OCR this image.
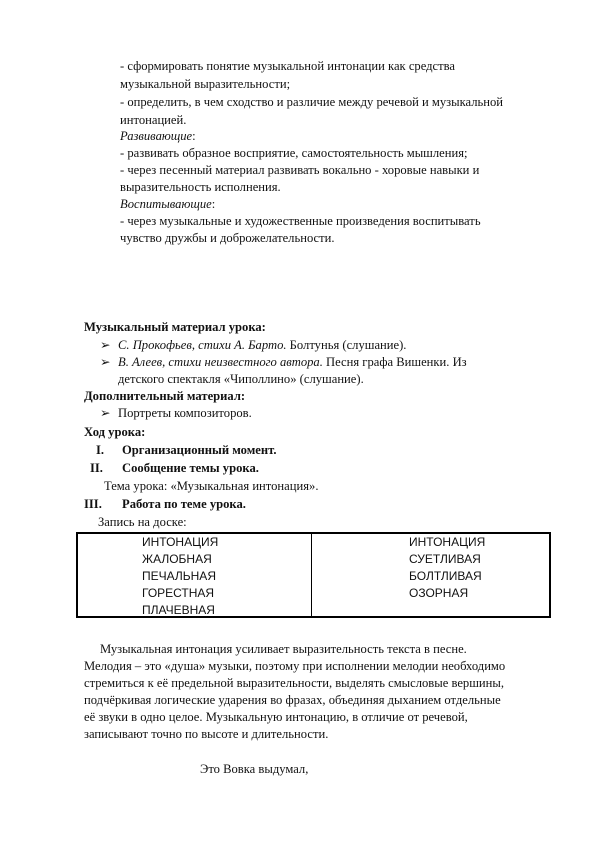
- сформировать понятие музыкальной интонации как средства
музыкальной выразительности;
- определить, в чем сходство и различие между речевой и музыкальной
интонацией.
Развивающие:
- развивать образное восприятие, самостоятельность мышления;
- через песенный материал развивать вокально - хоровые навыки и
выразительность исполнения.
Воспитывающие:
- через музыкальные и художественные произведения воспитывать
чувство дружбы и доброжелательности.
Музыкальный материал урока:
➢ С. Прокофьев, стихи А. Барто. Болтунья (слушание).
➢ В. Алеев, стихи неизвестного автора. Песня графа Вишенки. Из
детского спектакля «Чиполлино» (слушание).
Дополнительный материал:
➢ Портреты композиторов.
Ход урока:
I. Организационный момент.
II. Сообщение темы урока.
Тема урока: «Музыкальная интонация».
III. Работа по теме урока.
Запись на доске:
ИНТОНАЦИЯ
ЖАЛОБНАЯ
ПЕЧАЛЬНАЯ
ГОРЕСТНАЯ
ПЛАЧЕВНАЯ
ИНТОНАЦИЯ
СУЕТЛИВАЯ
БОЛТЛИВАЯ
ОЗОРНАЯ
Музыкальная интонация усиливает выразительность текста в песне.
Мелодия – это «душа» музыки, поэтому при исполнении мелодии необходимо
стремиться к её предельной выразительности, выделять смысловые вершины,
подчёркивая логические ударения во фразах, объединяя дыханием отдельные
её звуки в одно целое. Музыкальную интонацию, в отличие от речевой,
записывают точно по высоте и длительности.
Это Вовка выдумал,
